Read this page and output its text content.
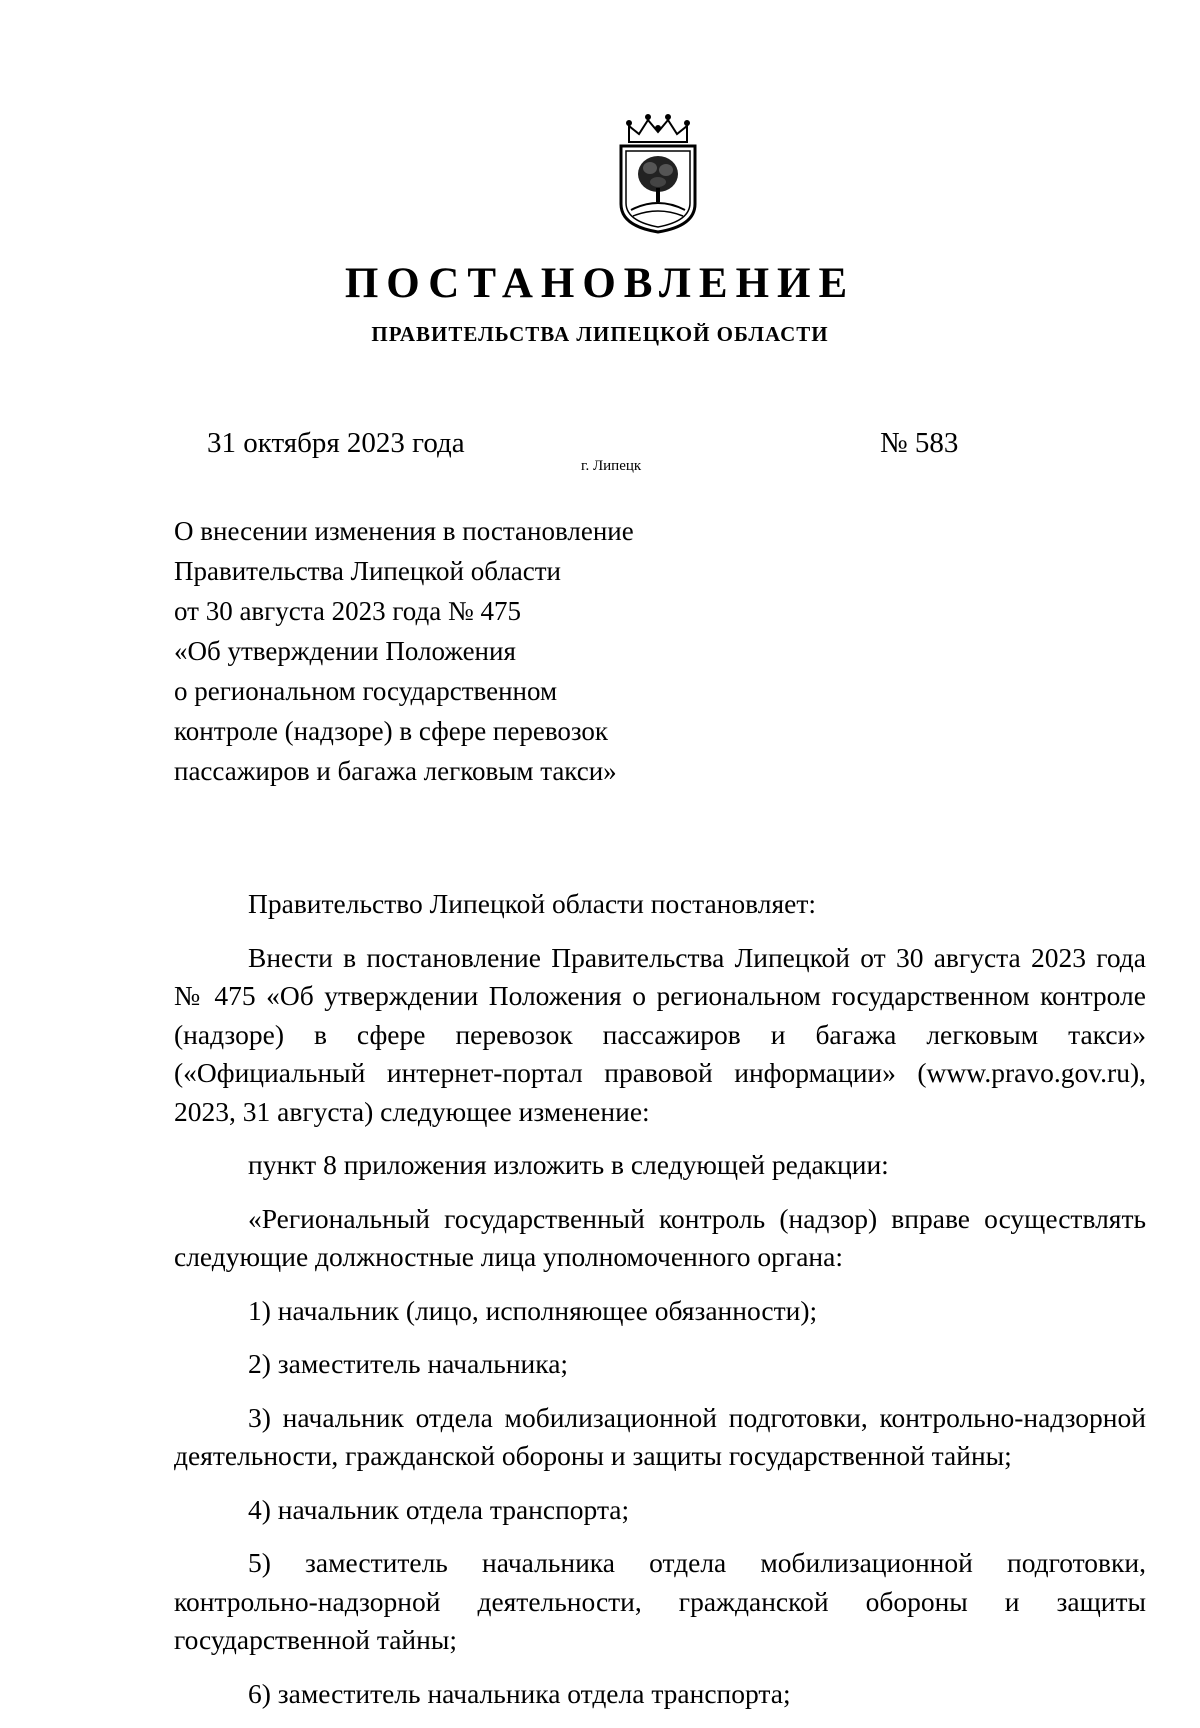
ПОСТАНОВЛЕНИЕ
ПРАВИТЕЛЬСТВА ЛИПЕЦКОЙ ОБЛАСТИ
31 октября 2023 года
г. Липецк
№ 583
О внесении изменения в постановление
Правительства Липецкой области
от 30 августа 2023 года № 475
«Об утверждении Положения
о региональном государственном
контроле (надзоре) в сфере перевозок
пассажиров и багажа легковым такси»

Правительство Липецкой области постановляет:

Внести в постановление Правительства Липецкой от 30 августа 2023 года № 475 «Об утверждении Положения о региональном государственном контроле (надзоре) в сфере перевозок пассажиров и багажа легковым такси» («Официальный интернет-портал правовой информации» (www.pravo.gov.ru), 2023, 31 августа) следующее изменение:

пункт 8 приложения изложить в следующей редакции:

«Региональный государственный контроль (надзор) вправе осуществлять следующие должностные лица уполномоченного органа:

1) начальник (лицо, исполняющее обязанности);

2) заместитель начальника;

3) начальник отдела мобилизационной подготовки, контрольно-надзорной деятельности, гражданской обороны и защиты государственной тайны;

4) начальник отдела транспорта;

5) заместитель начальника отдела мобилизационной подготовки, контрольно-надзорной деятельности, гражданской обороны и защиты государственной тайны;

6) заместитель начальника отдела транспорта;
